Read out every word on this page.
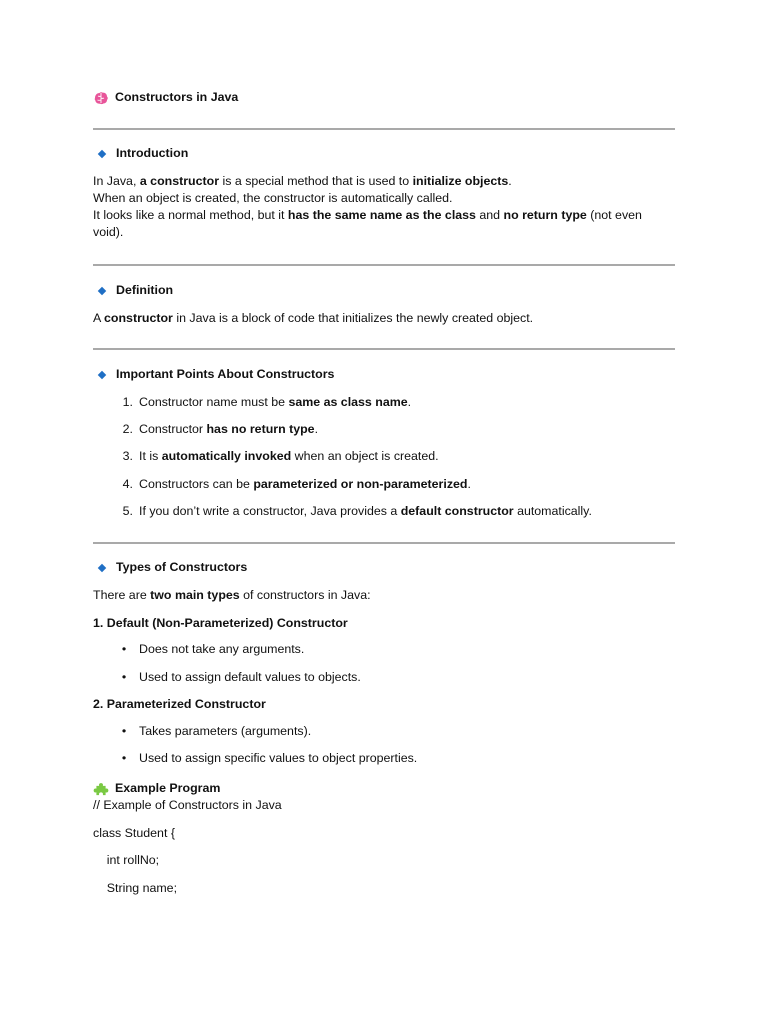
Constructors in Java
Introduction

In Java, a constructor is a special method that is used to initialize objects.

When an object is created, the constructor is automatically called.

It looks like a normal method, but it has the same name as the class and no return type (not even

void).

Definition

A constructor in Java is a block of code that initializes the newly created object.

Important Points About Constructors
1. Constructor name must be same as class name.
2. Constructor has no return type.
3. It is automatically invoked when an object is created.
4. Constructors can be parameterized or non-parameterized.
5. If you don’t write a constructor, Java provides a default constructor automatically.
Types of Constructors
There are two main types of constructors in Java:
1. Default (Non-Parameterized) Constructor
•	Does not take any arguments.
•	Used to assign default values to objects.
2. Parameterized Constructor
•	Takes parameters (arguments).
•	Used to assign specific values to object properties.
Example Program
// Example of Constructors in Java
class Student {
int rollNo;
String name;
